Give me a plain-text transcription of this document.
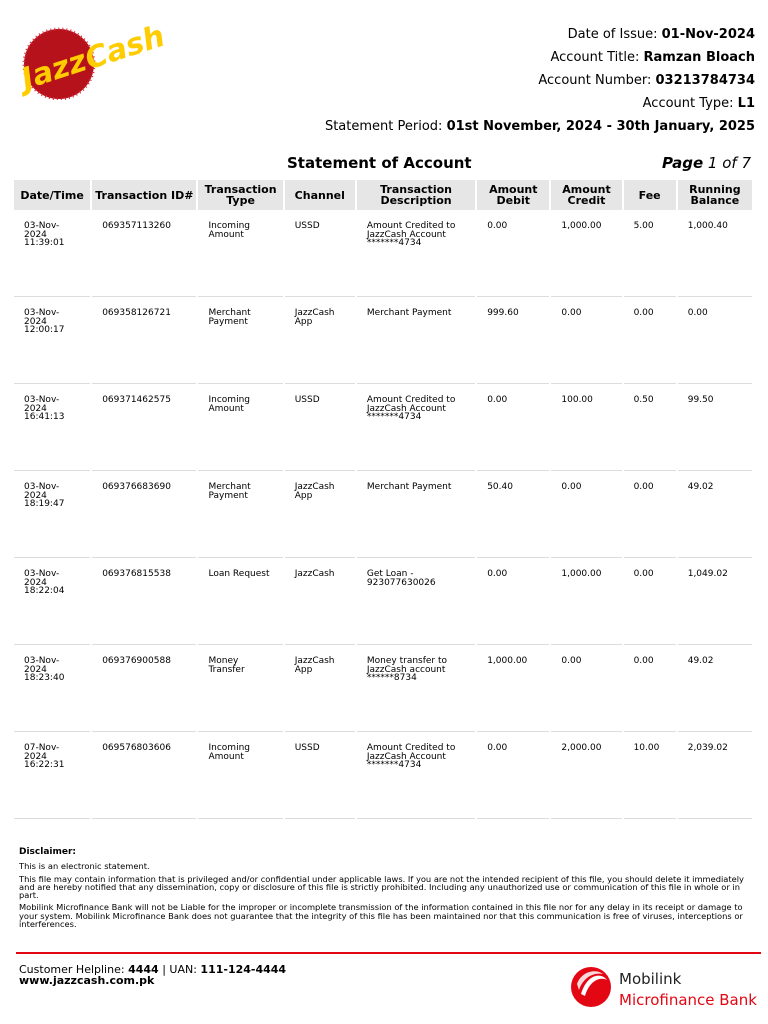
Jazz
Cash	Date of Issue: 01-Nov-2024
Account Title: Ramzan Bloach
Account Number: 03213784734
Account Type: L1
Statement Period: 01st November, 2024 - 30th January, 2025
Statement of Account	Page 1 of 7
Date/Time	Transaction ID#	Transaction Type	Channel	Transaction Description	Amount Debit	Amount Credit	Fee	Running Balance
03-Nov-2024 11:39:01	069357113260	Incoming Amount	USSD	Amount Credited to JazzCash Account *******4734	0.00	1,000.00	5.00	1,000.40
03-Nov-2024 12:00:17	069358126721	Merchant Payment	JazzCash App	Merchant Payment	999.60	0.00	0.00	0.00
03-Nov-2024 16:41:13	069371462575	Incoming Amount	USSD	Amount Credited to JazzCash Account *******4734	0.00	100.00	0.50	99.50
03-Nov-2024 18:19:47	069376683690	Merchant Payment	JazzCash App	Merchant Payment	50.40	0.00	0.00	49.02
03-Nov-2024 18:22:04	069376815538	Loan Request	JazzCash	Get Loan - 923077630026	0.00	1,000.00	0.00	1,049.02
03-Nov-2024 18:23:40	069376900588	Money Transfer	JazzCash App	Money transfer to JazzCash account ******8734	1,000.00	0.00	0.00	49.02
07-Nov-2024 16:22:31	069576803606	Incoming Amount	USSD	Amount Credited to JazzCash Account *******4734	0.00	2,000.00	10.00	2,039.02
Disclaimer:

This is an electronic statement.

This file may contain information that is privileged and/or confidential under applicable laws. If you are not the intended recipient of this file, you should delete it immediately and are hereby notified that any dissemination, copy or disclosure of this file is strictly prohibited. Including any unauthorized use or communication of this file in whole or in part.

Mobilink Microfinance Bank will not be Liable for the improper or incomplete transmission of the information contained in this file nor for any delay in its receipt or damage to your system. Mobilink Microfinance Bank does not guarantee that the integrity of this file has been maintained nor that this communication is free of viruses, interceptions or interferences.

Customer Helpline: 4444 | UAN: 111-124-4444
www.jazzcash.com.pk	Mobilink
Microfinance Bank
